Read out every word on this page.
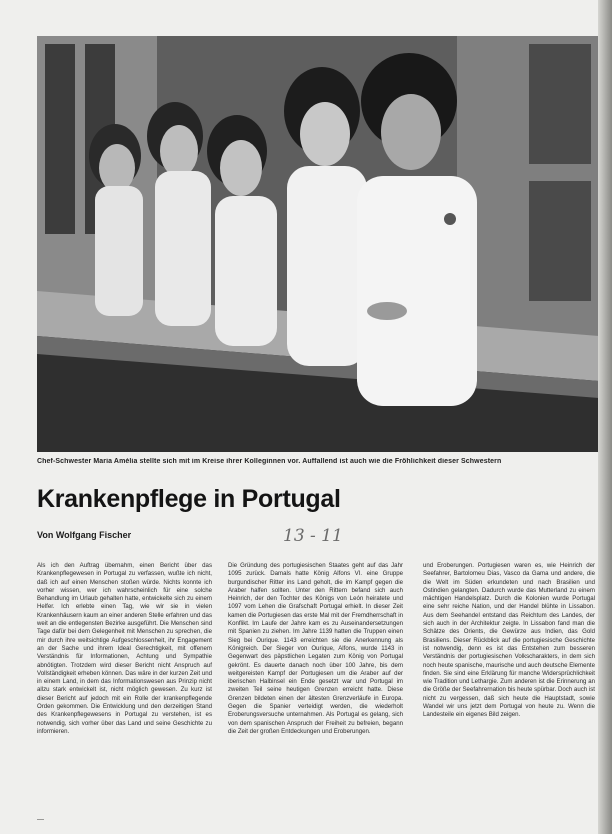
Chef-Schwester Maria Amélia stellte sich mit im Kreise ihrer Kolleginnen vor. Auffallend ist auch wie die Fröhlichkeit dieser Schwestern
Krankenpflege in Portugal
Von Wolfgang Fischer	13 - 11

Als ich den Auftrag übernahm, einen Bericht über das Krankenpflegewesen in Portugal zu verfassen, wußte ich nicht, daß ich auf einen Menschen stoßen würde. Nichts konnte ich vorher wissen, wer ich wahrscheinlich für eine solche Behandlung im Urlaub gehalten hatte, entwickelte sich zu einem Helfer. Ich erlebte einen Tag, wie wir sie in vielen Krankenhäusern kaum an einer anderen Stelle erfahren und das weit an die entlegensten Bezirke ausgeführt. Die Menschen sind Tage dafür bei dem Gelegenheit mit Menschen zu sprechen, die mir durch ihre weitsichtige Aufgeschlossenheit, ihr Engagement an der Sache und ihrem Ideal Gerechtigkeit, mit offenem Verständnis für Informationen, Achtung und Sympathie abnötigten. Trotzdem wird dieser Bericht nicht Anspruch auf Vollständigkeit erheben können. Das wäre in der kurzen Zeit und in einem Land, in dem das Informationswesen aus Prinzip nicht allzu stark entwickelt ist, nicht möglich gewesen. Zu kurz ist dieser Bericht auf jedoch mit ein Rolle der krankenpflegende Orden gekommen. Die Entwicklung und den derzeitigen Stand des Krankenpflegewesens in Portugal zu verstehen, ist es notwendig, sich vorher über das Land und seine Geschichte zu informieren.

Die Gründung des portugiesischen Staates geht auf das Jahr 1095 zurück. Damals hatte König Alfons VI. eine Gruppe burgundischer Ritter ins Land geholt, die im Kampf gegen die Araber halfen sollten. Unter den Rittern befand sich auch Heinrich, der den Tochter des Königs von León heiratete und 1097 vom Lehen die Grafschaft Portugal erhielt. In dieser Zeit kamen die Portugiesen das erste Mal mit der Fremdherrschaft in Konflikt. Im Laufe der Jahre kam es zu Auseinandersetzungen mit Spanien zu ziehen. Im Jahre 1139 hatten die Truppen einen Sieg bei Ourique. 1143 erreichten sie die Anerkennung als Königreich. Der Sieger von Ourique, Alfons, wurde 1143 in Gegenwart des päpstlichen Legaten zum König von Portugal gekrönt. Es dauerte danach noch über 100 Jahre, bis dem weitgereisten Kampf der Portugiesen um die Araber auf der iberischen Halbinsel ein Ende gesetzt war und Portugal im zweiten Teil seine heutigen Grenzen erreicht hatte. Diese Grenzen bildeten einen der ältesten Grenzverläufe in Europa. Gegen die Spanier verteidigt werden, die wiederholt Eroberungsversuche unternahmen. Als Portugal es gelang, sich von dem spanischen Anspruch der Freiheit zu befreien, begann die Zeit der großen Entdeckungen und Eroberungen.

und Eroberungen. Portugiesen waren es, wie Heinrich der Seefahrer, Bartolomeu Dias, Vasco da Gama und andere, die die Welt im Süden erkundeten und nach Brasilien und Ostindien gelangten. Dadurch wurde das Mutterland zu einem mächtigen Handelsplatz. Durch die Kolonien wurde Portugal eine sehr reiche Nation, und der Handel blühte in Lissabon. Aus dem Seehandel entstand das Reichtum des Landes, der sich auch in der Architektur zeigte. In Lissabon fand man die Schätze des Orients, die Gewürze aus Indien, das Gold Brasiliens. Dieser Rückblick auf die portugiesische Geschichte ist notwendig, denn es ist das Entstehen zum besseren Verständnis der portugiesischen Volkscharakters, in dem sich noch heute spanische, maurische und auch deutsche Elemente finden. Sie sind eine Erklärung für manche Widersprüchlichkeit wie Tradition und Lethargie. Zum anderen ist die Erinnerung an die Größe der Seefahrernation bis heute spürbar. Doch auch ist nicht zu vergessen, daß sich heute die Hauptstadt, sowie Wandel wir uns jetzt dem Portugal von heute zu. Wenn die Landesteile ein eigenes Bild zeigen.

—
